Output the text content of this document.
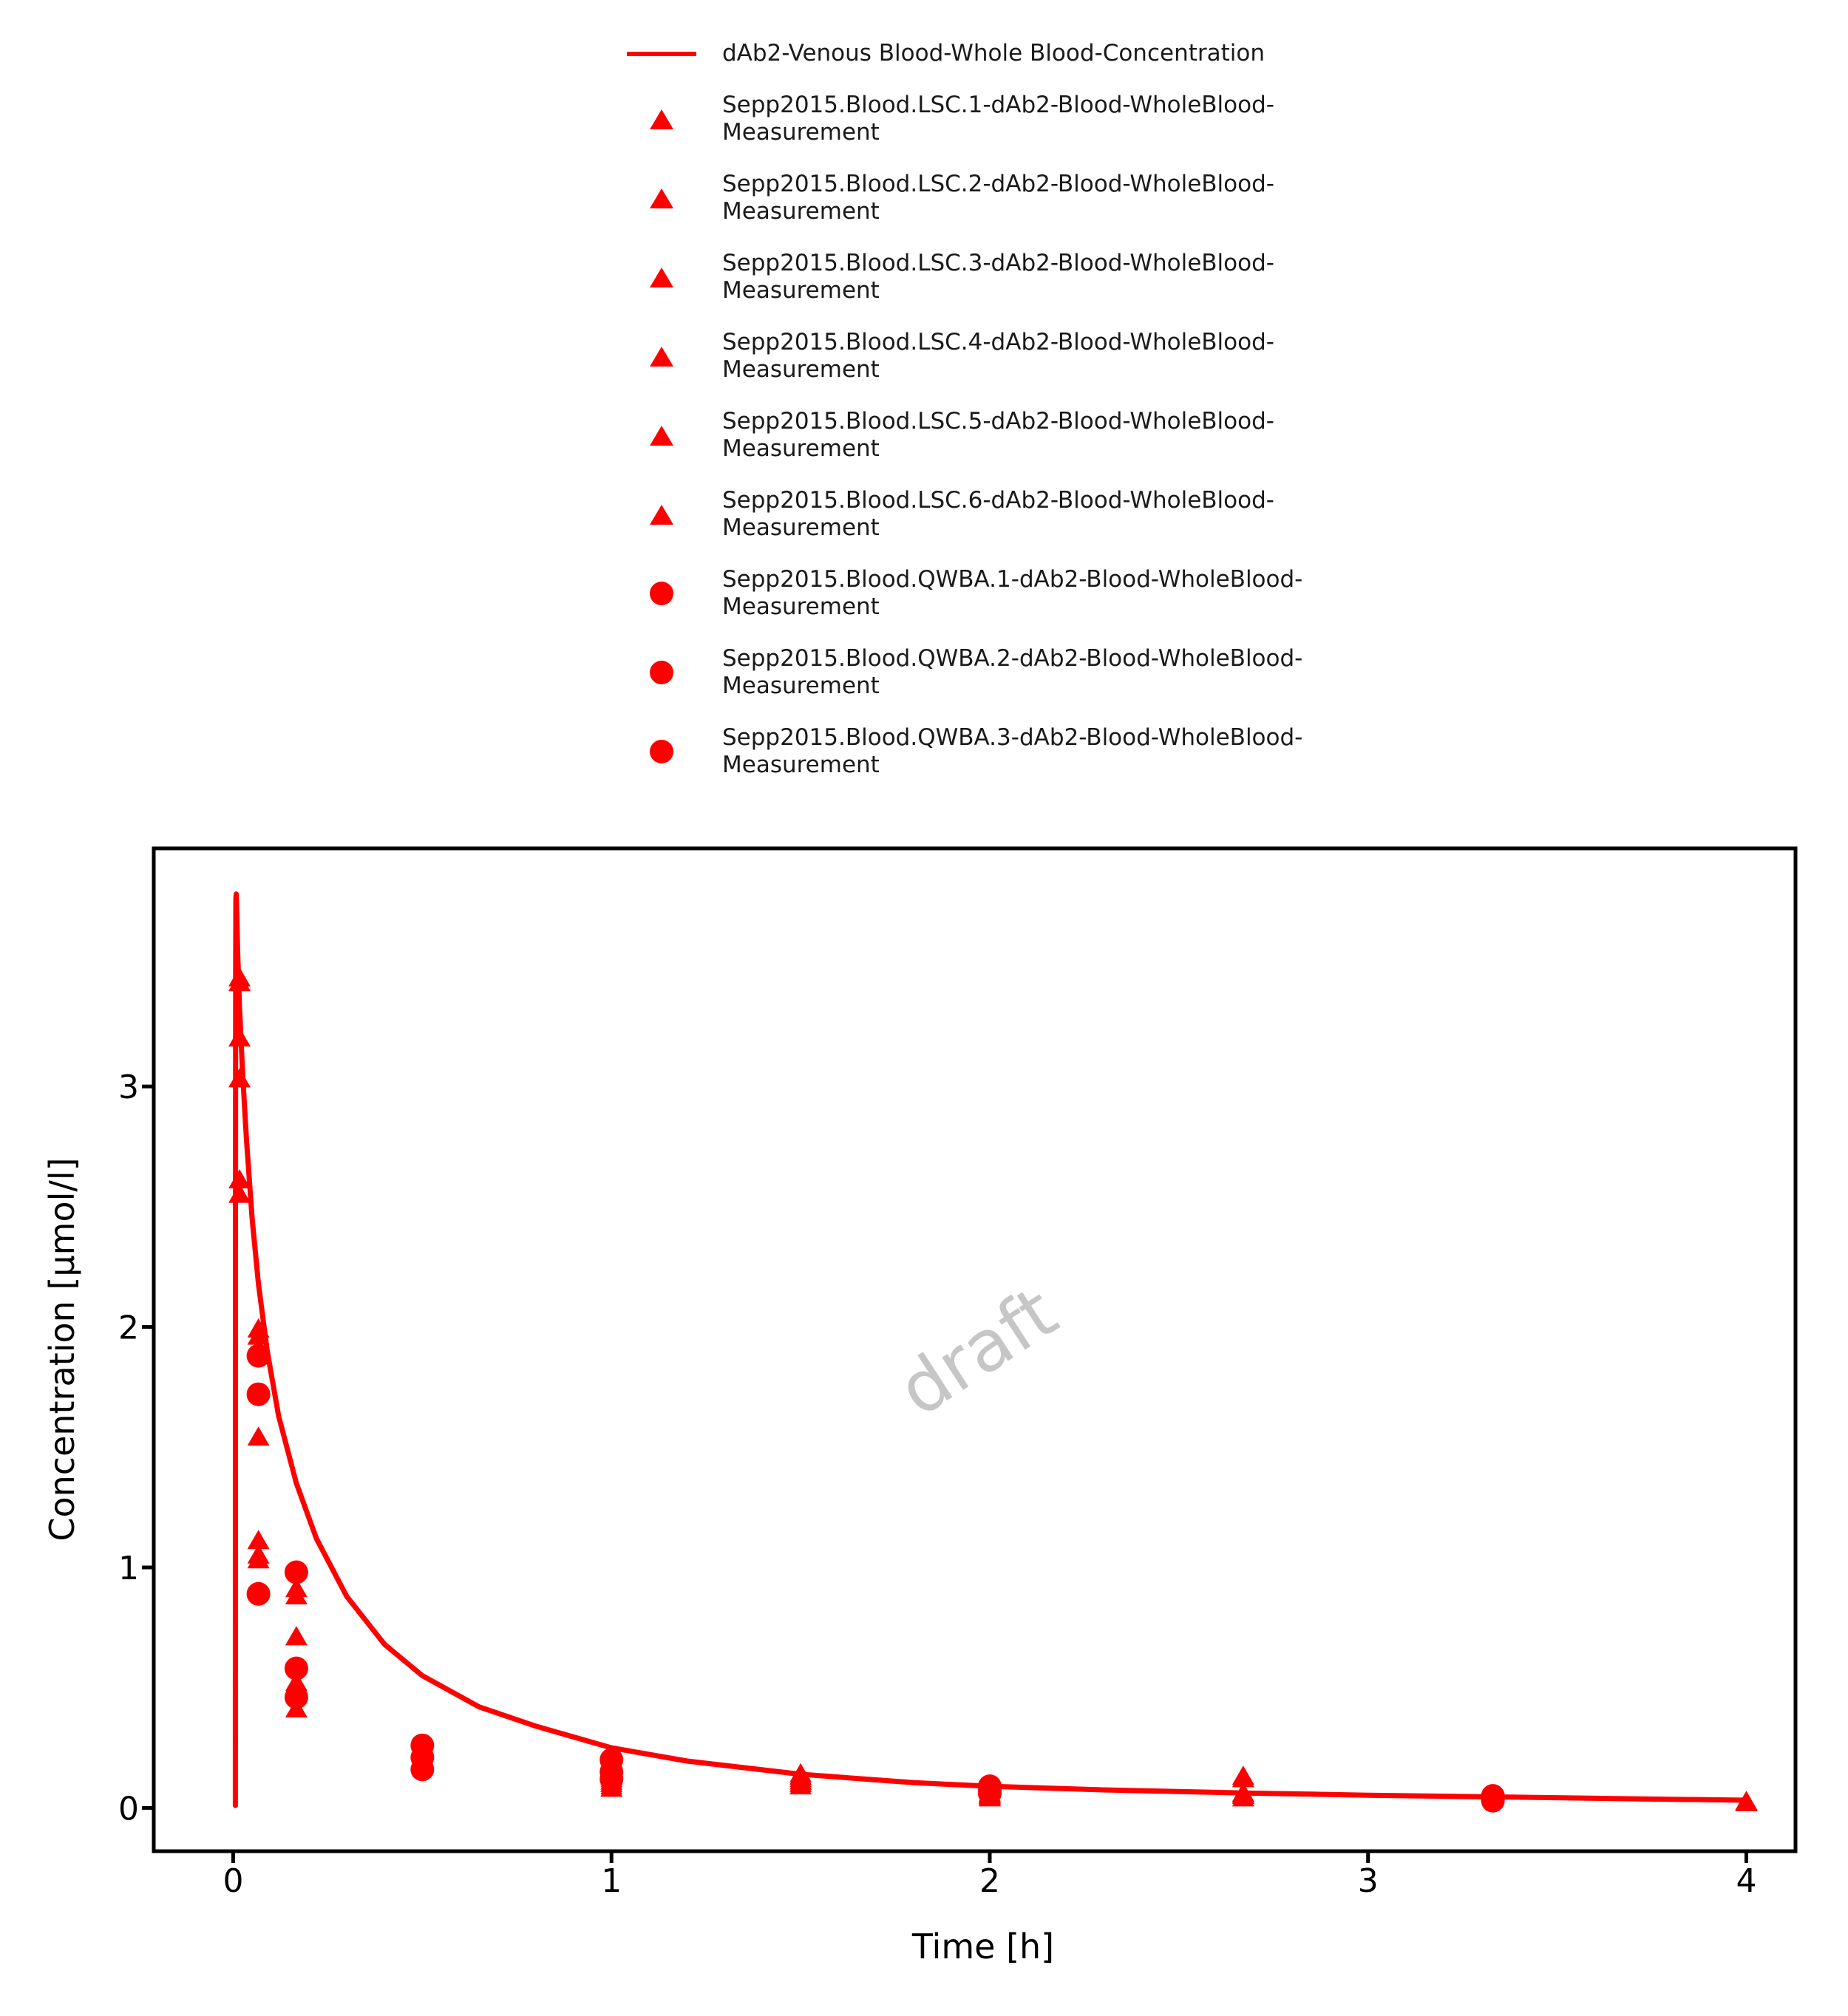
dAb2-Venous Blood-Whole Blood-Concentration
Sepp2015.Blood.LSC.1-dAb2-Blood-WholeBlood-Measurement
Sepp2015.Blood.LSC.2-dAb2-Blood-WholeBlood-Measurement
Sepp2015.Blood.LSC.3-dAb2-Blood-WholeBlood-Measurement
Sepp2015.Blood.LSC.4-dAb2-Blood-WholeBlood-Measurement
Sepp2015.Blood.LSC.5-dAb2-Blood-WholeBlood-Measurement
Sepp2015.Blood.LSC.6-dAb2-Blood-WholeBlood-Measurement
Sepp2015.Blood.QWBA.1-dAb2-Blood-WholeBlood-Measurement
Sepp2015.Blood.QWBA.2-dAb2-Blood-WholeBlood-Measurement
Sepp2015.Blood.QWBA.3-dAb2-Blood-WholeBlood-Measurement
draft
0	1	2	3	4
0
1
2
3
Time [h]
Concentration [µmol/l]
